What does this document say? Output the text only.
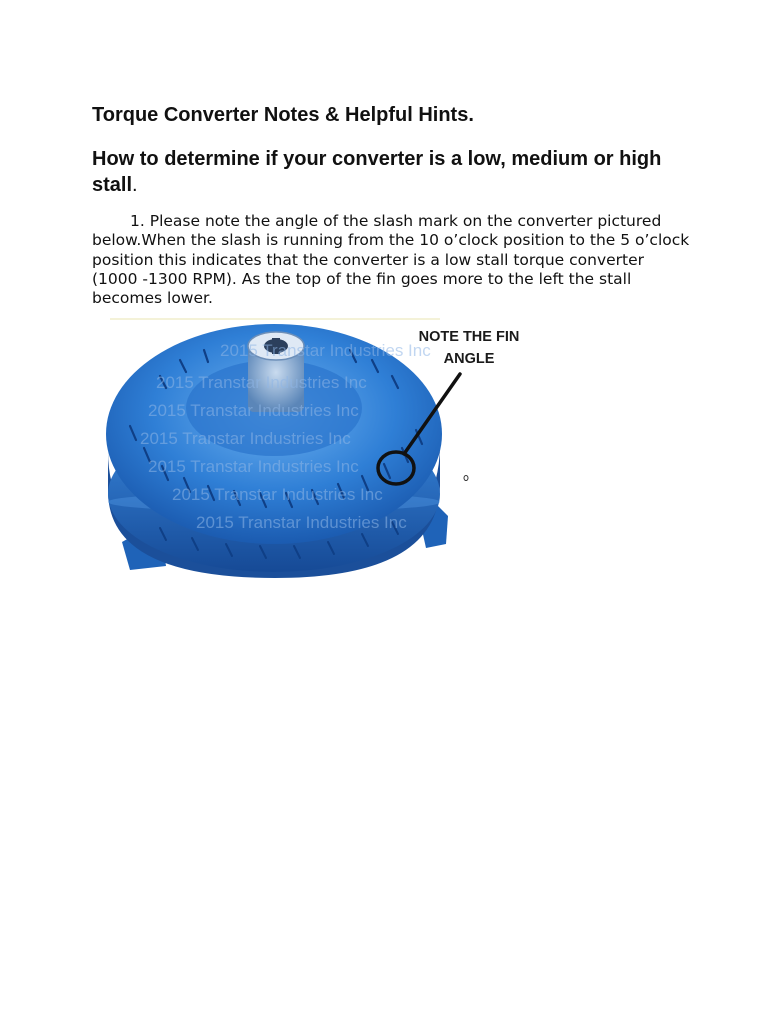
Torque Converter Notes & Helpful Hints.
How to determine if your converter is a low, medium or high stall.

1. Please note the angle of the slash mark on the converter pictured below.When the slash is running from the 10 o’clock position to the 5 o’clock position this indicates that the converter is a low stall torque converter (1000 -1300 RPM). As the top of the fin goes more to the left the stall becomes lower.

2015 Transtar Industries Inc
2015 Transtar Industries Inc
2015 Transtar Industries Inc
2015 Transtar Industries Inc
2015 Transtar Industries Inc
2015 Transtar Industries Inc
2015 Transtar Industries Inc
NOTE THE FIN
ANGLE
